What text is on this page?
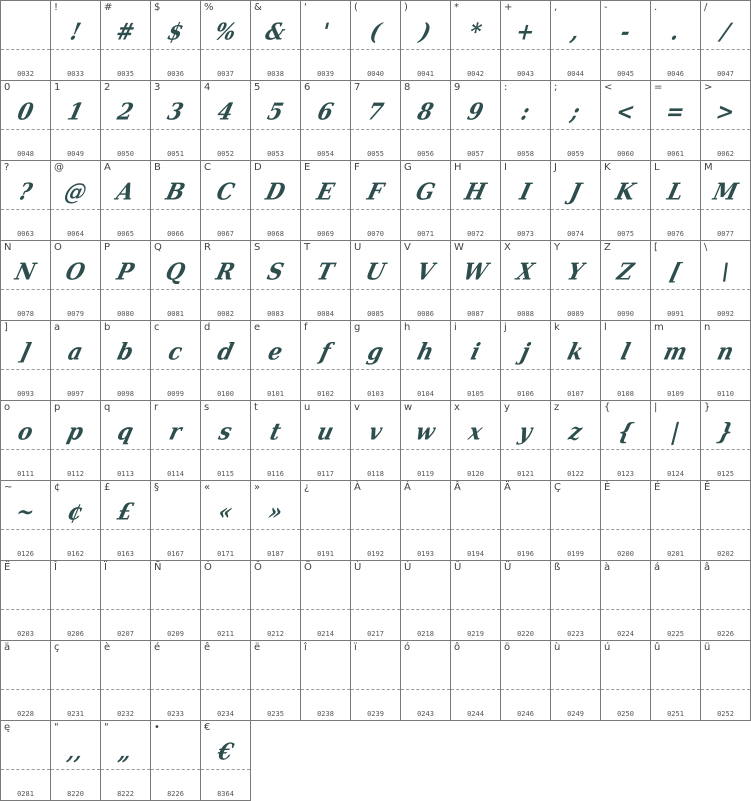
0032
!
!
0033
#
#
0035
$
$
0036
%
%
0037
&
&
0038
'
'
0039
(
(
0040
)
)
0041
*
*
0042
+
+
0043
,
,
0044
-
-
0045
.
.
0046
/
/
0047
0
0
0048
1
1
0049
2
2
0050
3
3
0051
4
4
0052
5
5
0053
6
6
0054
7
7
0055
8
8
0056
9
9
0057
:
:
0058
;
;
0059
<
<
0060
=
=
0061
>
>
0062
?
?
0063
@
@
0064
A
A
0065
B
B
0066
C
C
0067
D
D
0068
E
E
0069
F
F
0070
G
G
0071
H
H
0072
I
I
0073
J
J
0074
K
K
0075
L
L
0076
M
M
0077
N
N
0078
O
O
0079
P
P
0080
Q
Q
0081
R
R
0082
S
S
0083
T
T
0084
U
U
0085
V
V
0086
W
W
0087
X
X
0088
Y
Y
0089
Z
Z
0090
[
[
0091
\
\
0092
]
]
0093
a
a
0097
b
b
0098
c
c
0099
d
d
0100
e
e
0101
f
f
0102
g
g
0103
h
h
0104
i
i
0105
j
j
0106
k
k
0107
l
l
0108
m
m
0109
n
n
0110
o
o
0111
p
p
0112
q
q
0113
r
r
0114
s
s
0115
t
t
0116
u
u
0117
v
v
0118
w
w
0119
x
x
0120
y
y
0121
z
z
0122
{
{
0123
|
|
0124
}
}
0125
~
~
0126
¢
¢
0162
£
£
0163
§
0167
«
«
0171
»
»
0187
¿
0191
À
0192
Á
0193
Â
0194
Ä
0196
Ç
0199
È
0200
É
0201
Ê
0202
Ë
0203
Î
0206
Ï
0207
Ñ
0209
Ó
0211
Ô
0212
Ö
0214
Ù
0217
Ú
0218
Û
0219
Ü
0220
ß
0223
à
0224
á
0225
â
0226
ä
0228
ç
0231
è
0232
é
0233
ê
0234
ë
0235
î
0238
ï
0239
ó
0243
ô
0244
ö
0246
ù
0249
ú
0250
û
0251
ü
0252
ę
0281
"
‚‚
8220
"
„
8222
•
8226
€
€
8364
